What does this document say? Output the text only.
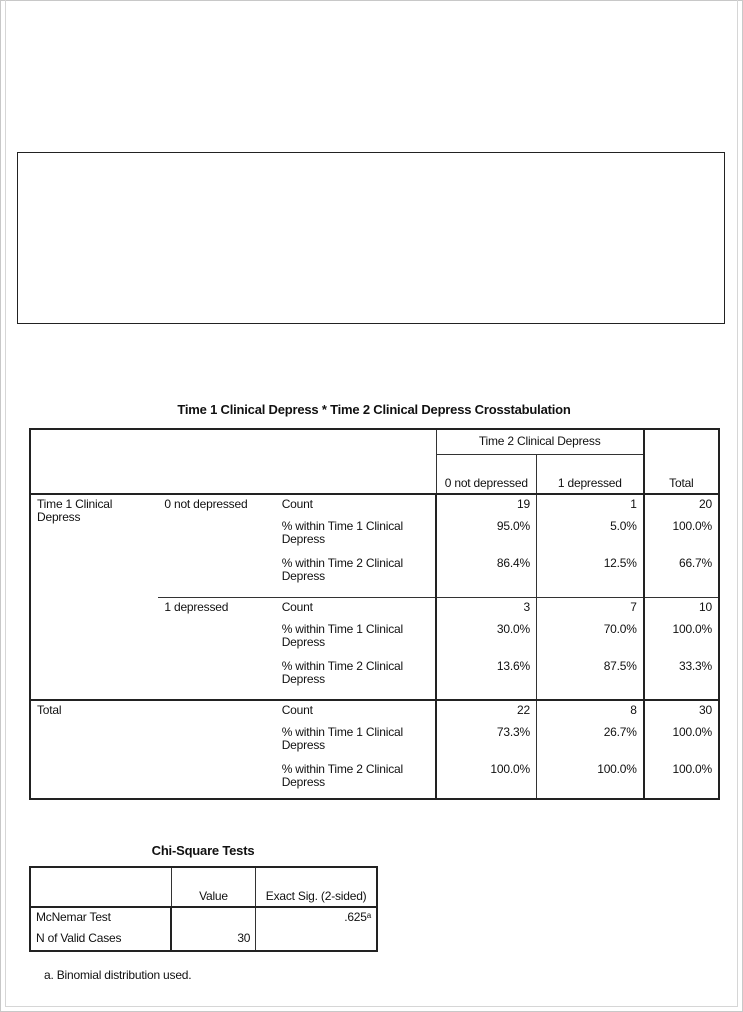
Time 1 Clinical Depress * Time 2 Clinical Depress Crosstabulation
			Time 2 Clinical Depress		Total
			0 not depressed	1 depressed	
Time 1 Clinical Depress	0 not depressed	Count	19	1	20
		% within Time 1 Clinical Depress	95.0%	5.0%	100.0%
		% within Time 2 Clinical Depress	86.4%	12.5%	66.7%
	1 depressed	Count	3	7	10
		% within Time 1 Clinical Depress	30.0%	70.0%	100.0%
		% within Time 2 Clinical Depress	13.6%	87.5%	33.3%
Total		Count	22	8	30
		% within Time 1 Clinical Depress	73.3%	26.7%	100.0%
		% within Time 2 Clinical Depress	100.0%	100.0%	100.0%
Chi-Square Tests
	Value	Exact Sig. (2-sided)
McNemar Test		.625$^a$
N of Valid Cases	30	
a. Binomial distribution used.
